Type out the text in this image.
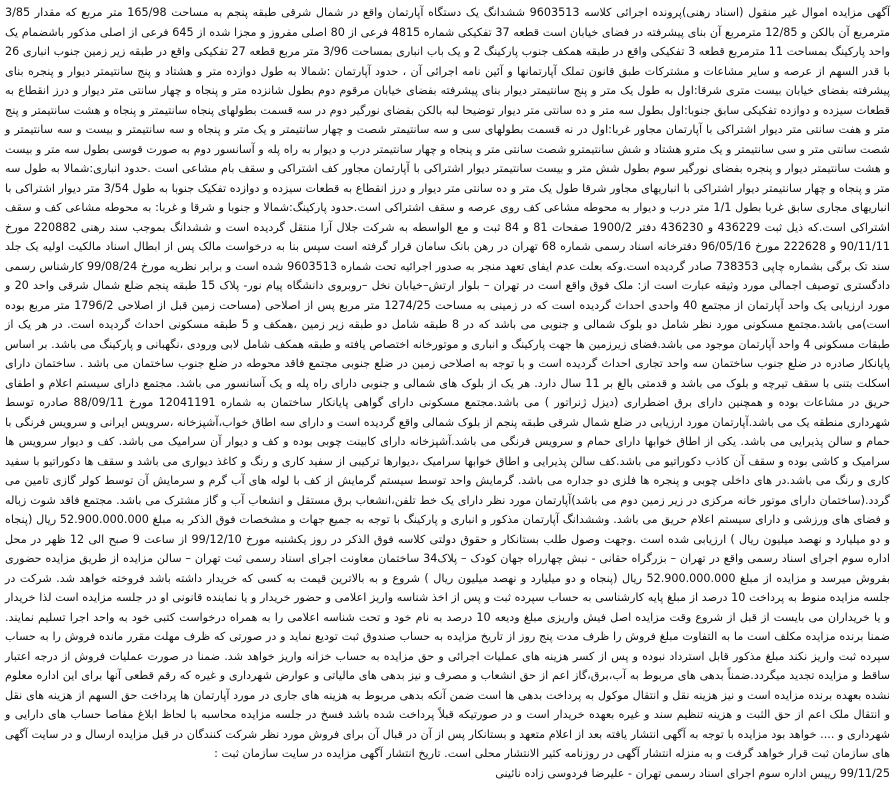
آگهی مزایده اموال غیر منقول (اسناد رهنی)پرونده اجرائی کلاسه 9603513 ششدانگ یک دستگاه آپارتمان واقع در شمال شرقی طبقه پنجم به مساحت 165/98 متر مربع که مقدار 3/85 مترمربع آن بالکن و 12/85 مترمربع آن بنای پیشرفته در فضای خیابان است قطعه 37 تفکیکی شماره 4815 فرعی از 80 اصلی مفروز و مجزا شده از 645 فرعی از اصلی مذکور باشضمام یک واحد پارکینگ بمساحت 11 مترمربع قطعه 3 تفکیکی واقع در طبقه همکف جنوب پارکینگ 2 و یک باب انباری بمساحت 3/96 متر مربع قطعه 27 تفکیکی واقع در طبقه زیر زمین جنوب انباری 26 با قدر السهم از عرصه و سایر مشاعات و مشترکات طبق قانون تملک آپارتمانها و آئین نامه اجرائی آن ، حدود آپارتمان :شمالا به طول دوازده متر و هشتاد و پنج سانتیمتر دیوار و پنجره بنای پیشرفته بفضای خیابان بیست متری شرقا:اول به طول یک متر و پنج سانتیمتر دیوار بنای پیشرفته بفضای خیابان مرقوم دوم بطول شانزده متر و پنجاه و چهار سانتی متر دیوار و درز انقطاع به قطعات سیزده و دوازده تفکیکی سابق جنوبا:اول بطول سه متر و ده سانتی متر دیوار توضیحا لبه بالکن بفضای نورگیر دوم در سه قسمت بطولهای پنجاه سانتیمتر و پنجاه و هشت سانتیمتر و پنج متر و هفت سانتی متر دیوار اشتراکی با آپارتمان مجاور غربا:اول در نه قسمت بطولهای سی و سه سانتیمتر شصت و چهار سانتیمتر و یک متر و پنجاه و سه سانتیمتر و بیست و سه سانتیمتر و شصت سانتی متر و سی سانتیمتر و یک مترو هشتاد و شش سانتیمترو شصت سانتی متر و پنجاه و چهار سانتیمتر درب و دیوار به راه پله و آسانسور دوم به صورت قوسی بطول سه متر و بیست و هشت سانتیمتر دیوار و پنجره بفضای نورگیر سوم بطول شش متر و بیست سانتیمتر دیوار اشتراکی با آپارتمان مجاور کف اشتراکی و سقف بام مشاعی است .حدود انباری:شمالا به طول سه متر و پنجاه و چهار سانتیمتر دیوار اشتراکی با انباریهای مجاور شرقا طول یک متر و ده سانتی متر دیوار و درز انقطاع به قطعات سیزده و دوازده تفکیک جنوبا به طول 3/54 متر دیوار اشتراکی با انباریهای مجاری سابق غربا بطول 1/1 متر درب و دیوار به محوطه مشاعی کف روی عرصه و سقف اشتراکی است.حدود پارکینگ:شمالا و جنوبا و شرقا و غربا: به محوطه مشاعی کف و سقف اشتراکی است.که ذیل ثبت 436229 و 436230 دفتر 1900/2 صفحات 81 و 84 ثبت و مع الواسطه به شرکت جلال آرا منتقل گردیده است و ششدانگ بموجب سند رهنی 220882 مورخ 90/11/11 و 222628 مورخ 96/05/16 دفترخانه اسناد رسمی شماره 68 تهران در رهن بانک سامان قرار گرفته است سپس بنا به درخواست مالک پس از ابطال اسناد مالکیت اولیه یک جلد سند تک برگی بشماره چاپی 738353 صادر گردیده است.وکه بعلت عدم ایفای تعهد منجر به صدور اجرائیه تحت شماره 9603513 شده است و برابر نظریه مورخ 99/08/24 کارشناس رسمی دادگستری توصیف اجمالی مورد وثیقه عبارت است از: ملک فوق واقع است در تهران – بلوار ارتش–خیابان نخل –روبروی دانشگاه پیام نور- پلاک 15 طبقه پنجم ضلع شمال شرقی واحد 20 و مورد ارزیابی یک واحد آپارتمان از مجتمع 40 واحدی احداث گردیده است که در زمینی به مساحت 1274/25 متر مربع پس از اصلاحی (مساحت زمین قبل از اصلاحی 1796/2 متر مربع بوده است)می باشد.مجتمع مسکونی مورد نظر شامل دو بلوک شمالی و جنوبی می باشد که در 8 طبقه شامل دو طبقه زیر زمین ،همکف و 5 طبقه مسکونی احداث گردیده است. در هر یک از طبقات مسکونی 4 واحد آپارتمان موجود می باشد.فضای زیرزمین ها جهت پارکینگ و انباری و موتورخانه اختصاص یافته و طبقه همکف شامل لابی ورودی ،نگهبانی و پارکینگ می باشد. بر اساس پایانکار صادره در ضلع جنوب ساختمان سه واحد تجاری احداث گردیده است و با توجه به اصلاحی زمین در ضلع جنوبی مجتمع فاقد محوطه در ضلع جنوب ساختمان می باشد . ساختمان دارای اسکلت بتنی با سقف تیرچه و بلوک می باشد و قدمتی بالغ بر 11 سال دارد. هر یک از بلوک های شمالی و جنوبی دارای راه پله و یک آسانسور می باشد. مجتمع دارای سیستم اعلام و اطفای حریق در مشاعات بوده و همچنین دارای برق اضطراری (دیزل ژنراتور ) می باشد.مجتمع مسکونی دارای گواهی پایانکار ساختمان به شماره 12041191 مورخ 88/09/11 صادره توسط شهرداری منطقه یک می باشد.آپارتمان مورد ارزیابی در ضلع شمال شرقی طبقه پنجم از بلوک شمالی واقع گردیده است و دارای سه اطاق خواب،آشپزخانه ،سرویس ایرانی و سرویس فرنگی با حمام و سالن پذیرایی می باشد. یکی از اطاق خوابها دارای حمام و سرویس فرنگی می باشد.آشپزخانه دارای کابینت چوبی بوده و کف و دیوار آن سرامیک می باشد. کف و دیوار سرویس ها سرامیک و کاشی بوده و سقف آن کاذب دکوراتیو می باشد.کف سالن پذیرایی و اطاق خوابها سرامیک ،دیوارها ترکیبی از سفید کاری و رنگ و کاغذ دیواری می باشد و سقف ها دکوراتیو با سفید کاری و رنگ می باشد.در های داخلی چوبی و پنجره ها فلزی دو جداره می باشد. گرمایش واحد توسط سیستم گرمایش از کف با لوله های آب گرم و سرمایش آن توسط کولر گازی تامین می گردد.(ساختمان دارای موتور خانه مرکزی در زیر زمین دوم می باشد)آپارتمان مورد نظر دارای یک خط تلفن،انشعاب برق مستقل و انشعاب آب و گاز مشترک می باشد. مجتمع فاقد شوت زباله و فضای های ورزشی و دارای سیستم اعلام حریق می باشد. وششدانگ آپارتمان مذکور و انباری و پارکینگ با توجه به جمیع جهات و مشخصات فوق الذکر به مبلغ 52.900.000.000 ریال (پنجاه و دو میلیارد و نهصد میلیون ریال ) ارزیابی شده است .وجهت وصول طلب بستانکار و حقوق دولتی کلاسه فوق الذکر در روز یکشنبه مورخ 99/12/10 از ساعت 9 صبح الی 12 ظهر در محل اداره سوم اجرای اسناد رسمی واقع در تهران – بزرگراه حقانی - نبش چهارراه جهان کودک – پلاک34 ساختمان معاونت اجرای اسناد رسمی ثبت تهران – سالن مزایده از طریق مزایده حضوری بفروش میرسد و مزایده از مبلغ 52.900.000.000 ریال (پنجاه و دو میلیارد و نهصد میلیون ریال ) شروع و به بالاترین قیمت به کسی که خریدار داشته باشد فروخته خواهد شد. شرکت در جلسه مزایده منوط به پرداخت 10 درصد از مبلغ پایه کارشناسی به حساب سپرده ثبت و پس از اخذ شناسه واریز اعلامی و حضور خریدار و یا نماینده قانونی او در جلسه مزایده است لذا خریدار و یا خریداران می بایست از قبل از شروع وقت مزایده اصل فیش واریزی مبلغ ودیعه 10 درصد به نام خود و تحت شناسه اعلامی را به همراه درخواست کتبی خود به واحد اجرا تسلیم نمایند. ضمنا برنده مزایده مکلف است ما به التفاوت مبلغ فروش را ظرف مدت پنج روز از تاریخ مزایده به حساب صندوق ثبت تودیع نماید و در صورتی که ظرف مهلت مقرر مانده فروش را به حساب سپرده ثبت واریز نکند مبلغ مذکور قابل استرداد نبوده و پس از کسر هزینه های عملیات اجرائی و حق مزایده به حساب خزانه واریز خواهد شد. ضمنا در صورت عملیات فروش از درجه اعتبار ساقط و مزایده تجدید میگردد.ضمناً بدهی های مربوط به آب،برق،گاز اعم از حق انشعاب و مصرف و نیز بدهی های مالیاتی و عوارض شهرداری و غیره که رقم قطعی آنها برای این اداره معلوم نشده بعهده برنده مزایده است و نیز هزینه نقل و انتقال موکول به پرداخت بدهی ها است ضمن آنکه بدهی مربوط به هزینه های جاری در مورد آپارتمان ها پرداخت حق السهم از هزینه های نقل و انتقال ملک اعم از حق الثبت و هزینه تنظیم سند و غیره بعهده خریدار است و در صورتیکه قبلاً پرداخت شده باشد فسخ در جلسه مزایده محاسبه با لحاظ ابلاغ مفاصا حساب های دارایی و شهرداری و .... خواهد بود مزایده با توجه به آگهی انتشار یافته بعد از اعلام متعهد و بستانکار پس از آن در قبال آن برای فروش مورد نظر شرکت کنندگان در قبل مزایده ارسال و در سایت آگهی های سازمان ثبت قرار خواهد گرفت و به منزله انتشار آگهی در روزنامه کثیر الانتشار محلی است. تاریخ انتشار آگهی مزایده در سایت سازمان ثبت :
99/11/25 رییس اداره سوم اجرای اسناد رسمی تهران - علیرضا فردوسی زاده نائینی
